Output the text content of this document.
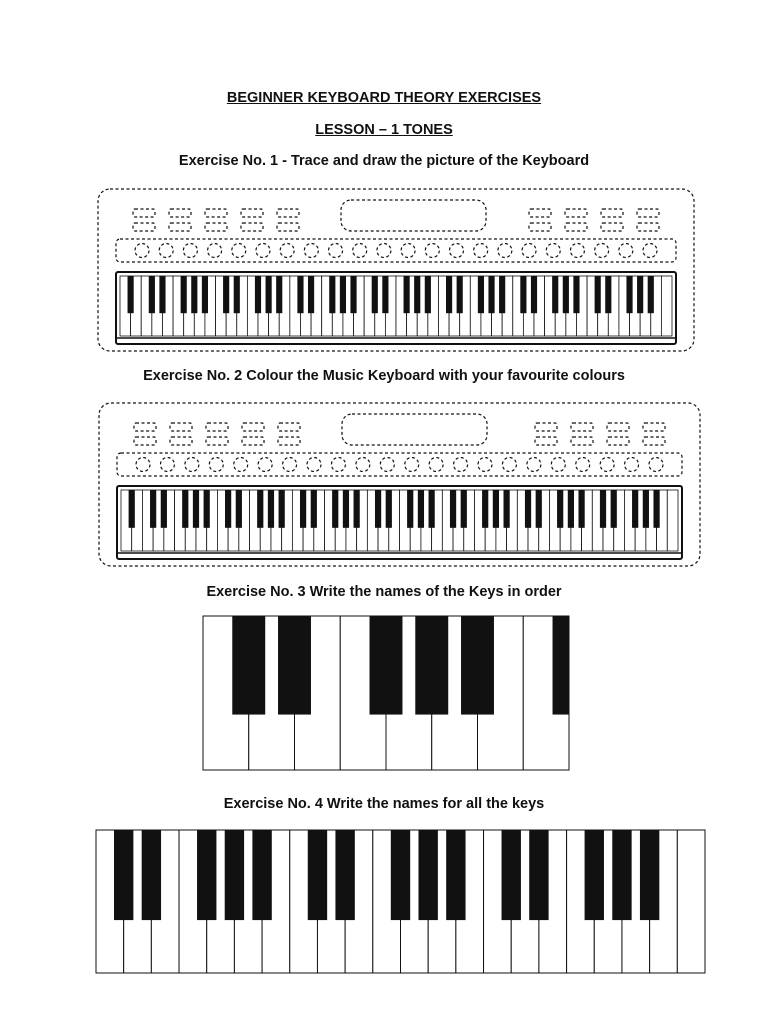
BEGINNER KEYBOARD THEORY EXERCISES
LESSON – 1 TONES
Exercise No. 1 - Trace and draw the picture of the Keyboard
Exercise No. 2 Colour the Music Keyboard with your favourite colours
Exercise No. 3 Write the names of the Keys in order
Exercise No. 4 Write the names for all the keys
